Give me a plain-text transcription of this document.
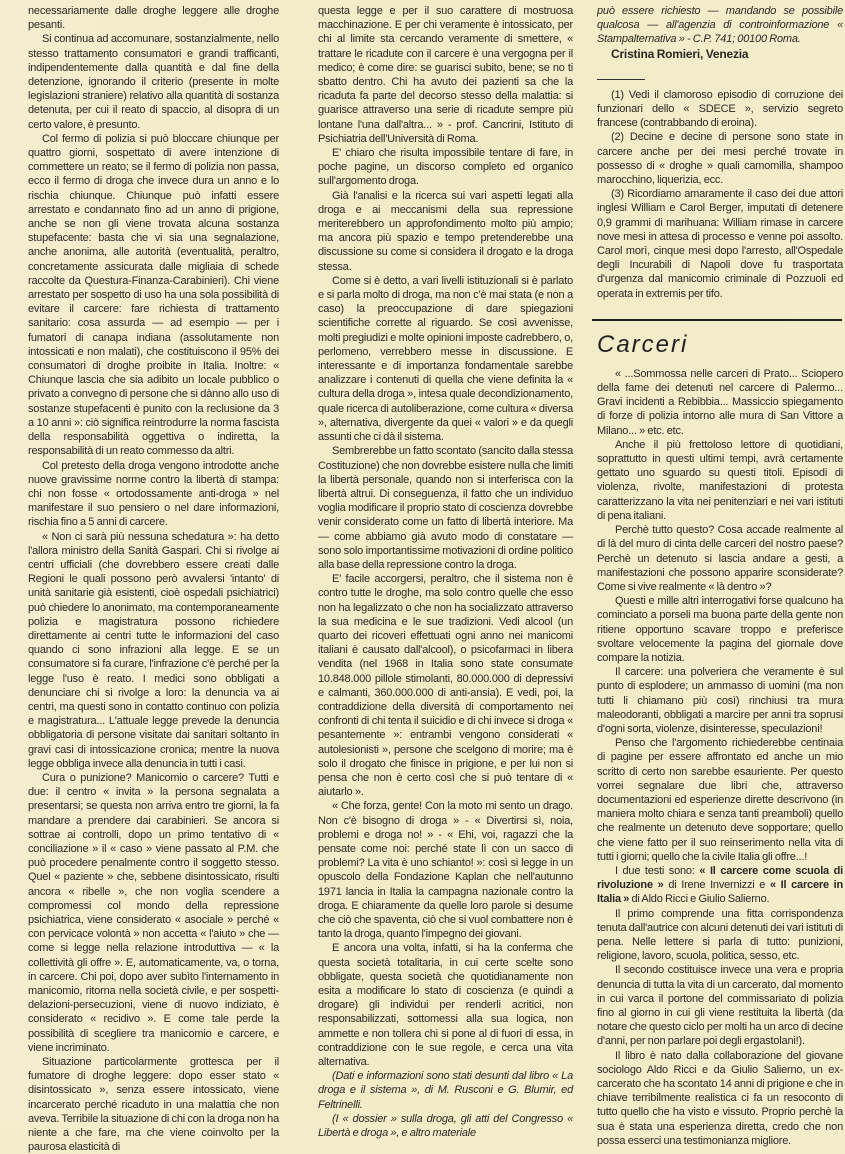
necessariamente dalle droghe leggere alle droghe pesanti.

Si continua ad accomunare, sostanzialmente, nello stesso trattamento consumatori e grandi trafficanti, indipendentemente dalla quantità e dal fine della detenzione, ignorando il criterio (presente in molte legislazioni straniere) relativo alla quantità di sostanza detenuta, per cui il reato di spaccio, al disopra di un certo valore, è presunto.

Col fermo di polizia si può bloccare chiunque per quattro giorni, sospettato di avere intenzione di commettere un reato; se il fermo di polizia non passa, ecco il fermo di droga che invece dura un anno e lo rischia chiunque. Chiunque può infatti essere arrestato e condannato fino ad un anno di prigione, anche se non gli viene trovata alcuna sostanza stupefacente: basta che vi sia una segnalazione, anche anonima, alle autorità (eventualità, peraltro, concretamente assicurata dalle migliaia di schede raccolte da Questura-Finanza-Carabinieri). Chi viene arrestato per sospetto di uso ha una sola possibilità di evitare il carcere: fare richiesta di trattamento sanitario: cosa assurda — ad esempio — per i fumatori di canapa indiana (assolutamente non intossicati e non malati), che costituiscono il 95% dei consumatori di droghe proibite in Italia. Inoltre: « Chiunque lascia che sia adibito un locale pubblico o privato a convegno di persone che si dànno allo uso di sostanze stupefacenti è punito con la reclusione da 3 a 10 anni »: ciò significa reintrodurre la norma fascista della responsabilità oggettiva o indiretta, la responsabilità di un reato commesso da altri.

Col pretesto della droga vengono introdotte anche nuove gravissime norme contro la libertà di stampa: chi non fosse « ortodossamente anti-droga » nel manifestare il suo pensiero o nel dare informazioni, rischia fino a 5 anni di carcere.

« Non ci sarà più nessuna schedatura »: ha detto l'allora ministro della Sanità Gaspari. Chi si rivolge ai centri ufficiali (che dovrebbero essere creati dalle Regioni le quali possono però avvalersi 'intanto' di unità sanitarie già esistenti, cioè ospedali psichiatrici) può chiedere lo anonimato, ma contemporaneamente polizia e magistratura possono richiedere direttamente ai centri tutte le informazioni del caso quando ci sono infrazioni alla legge. E se un consumatore si fa curare, l'infrazione c'è perché per la legge l'uso è reato. I medici sono obbligati a denunciare chi si rivolge a loro: la denuncia va ai centri, ma questi sono in contatto continuo con polizia e magistratura... L'attuale legge prevede la denuncia obbligatoria di persone visitate dai sanitari soltanto in gravi casi di intossicazione cronica; mentre la nuova legge obbliga invece alla denuncia in tutti i casi.

Cura o punizione? Manicomio o carcere? Tutti e due: il centro « invita » la persona segnalata a presentarsi; se questa non arriva entro tre giorni, la fa mandare a prendere dai carabinieri. Se ancora si sottrae ai controlli, dopo un primo tentativo di « conciliazione » il « caso » viene passato al P.M. che può procedere penalmente contro il soggetto stesso. Quel « paziente » che, sebbene disintossicato, risulti ancora « ribelle », che non voglia scendere a compromessi col mondo della repressione psichiatrica, viene considerato « asociale » perché « con pervicace volontà » non accetta « l'aiuto » che — come si legge nella relazione introduttiva — « la collettività gli offre ». E, automaticamente, va, o torna, in carcere. Chi poi, dopo aver subìto l'internamento in manicomio, ritorna nella società civile, e per sospetti-delazioni-persecuzioni, viene di nuovo indiziato, è considerato « recidivo ». E come tale perde la possibilità di scegliere tra manicomio e carcere, e viene incriminato.

Situazione particolarmente grottesca per il fumatore di droghe leggere: dopo esser stato « disintossicato », senza essere intossicato, viene incarcerato perché ricaduto in una malattia che non aveva. Terribile la situazione di chi con la droga non ha niente a che fare, ma che viene coinvolto per la paurosa elasticità di

questa legge e per il suo carattere di mostruosa macchinazione. E per chi veramente è intossicato, per chi al limite sta cercando veramente di smettere, « trattare le ricadute con il carcere è una vergogna per il medico; è come dire: se guarisci subito, bene; se no ti sbatto dentro. Chi ha avuto dei pazienti sa che la ricaduta fa parte del decorso stesso della malattia: si guarisce attraverso una serie di ricadute sempre più lontane l'una dall'altra... » - prof. Cancrini, Istituto di Psichiatria dell'Università di Roma.

E' chiaro che risulta impossibile tentare di fare, in poche pagine, un discorso completo ed organico sull'argomento droga.

Già l'analisi e la ricerca sui vari aspetti legati alla droga e ai meccanismi della sua repressione meriterebbero un approfondimento molto più ampio; ma ancora più spazio e tempo pretenderebbe una discussione su come si considera il drogato e la droga stessa.

Come si è detto, a vari livelli istituzionali si è parlato e si parla molto di droga, ma non c'è mai stata (e non a caso) la preoccupazione di dare spiegazioni scientifiche corrette al riguardo. Se così avvenisse, molti pregiudizi e molte opinioni imposte cadrebbero, o, perlomeno, verrebbero messe in discussione. E interessante e di importanza fondamentale sarebbe analizzare i contenuti di quella che viene definita la « cultura della droga », intesa quale decondizionamento, quale ricerca di autoliberazione, come cultura « diversa », alternativa, divergente da quei « valori » e da quegli assunti che ci dà il sistema.

Sembrerebbe un fatto scontato (sancito dalla stessa Costituzione) che non dovrebbe esistere nulla che limiti la libertà personale, quando non si interferisca con la libertà altrui. Di conseguenza, il fatto che un individuo voglia modificare il proprio stato di coscienza dovrebbe venir considerato come un fatto di libertà interiore. Ma — come abbiamo già avuto modo di constatare — sono solo importantissime motivazioni di ordine politico alla base della repressione contro la droga.

E' facile accorgersi, peraltro, che il sistema non è contro tutte le droghe, ma solo contro quelle che esso non ha legalizzato o che non ha socializzato attraverso la sua medicina e le sue tradizioni. Vedi alcool (un quarto dei ricoveri effettuati ogni anno nei manicomi italiani è causato dall'alcool), o psicofarmaci in libera vendita (nel 1968 in Italia sono state consumate 10.848.000 pillole stimolanti, 80.000.000 di depressivi e calmanti, 360.000.000 di anti-ansia). E vedi, poi, la contraddizione della diversità di comportamento nei confronti di chi tenta il suicidio e di chi invece si droga « pesantemente »: entrambi vengono considerati « autolesionisti », persone che scelgono di morire; ma è solo il drogato che finisce in prigione, e per lui non si pensa che non è certo così che si può tentare di « aiutarlo ».

« Che forza, gente! Con la moto mi sento un drago. Non c'è bisogno di droga » - « Divertirsi sì, noia, problemi e droga no! » - « Ehi, voi, ragazzi che la pensate come noi: perché state lì con un sacco di problemi? La vita è uno schianto! »: così si legge in un opuscolo della Fondazione Kaplan che nell'autunno 1971 lancia in Italia la campagna nazionale contro la droga. E chiaramente da quelle loro parole si desume che ciò che spaventa, ciò che si vuol combattere non è tanto la droga, quanto l'impegno dei giovani.

E ancora una volta, infatti, si ha la conferma che questa società totalitaria, in cui certe scelte sono obbligate, questa società che quotidianamente non esita a modificare lo stato di coscienza (e quindi a drogare) gli individui per renderli acritici, non responsabilizzati, sottomessi alla sua logica, non ammette e non tollera chi si pone al di fuori di essa, in contraddizione con le sue regole, e cerca una vita alternativa.

(Dati e informazioni sono stati desunti dal libro « La droga e il sistema », di M. Rusconi e G. Blumir, ed Feltrinelli.

(I « dossier » sulla droga, gli atti del Congresso « Libertà e droga », e altro materiale

può essere richiesto — mandando se possibile qualcosa — all'agenzia di controinformazione « Stampalternativa » - C.P. 741; 00100 Roma.

Cristina Romieri, Venezia

(1) Vedi il clamoroso episodio di corruzione dei funzionari dello « SDECE », servizio segreto francese (contrabbando di eroina).

(2) Decine e decine di persone sono state in carcere anche per dei mesi perché trovate in possesso di « droghe » quali camomilla, shampoo marocchino, liquerizia, ecc.

(3) Ricordiamo amaramente il caso dei due attori inglesi William e Carol Berger, imputati di detenere 0,9 grammi di marihuana: William rimase in carcere nove mesi in attesa di processo e venne poi assolto. Carol morì, cinque mesi dopo l'arresto, all'Ospedale degli Incurabili di Napoli dove fu trasportata d'urgenza dal manicomio criminale di Pozzuoli ed operata in extremis per tifo.

Carceri

« ...Sommossa nelle carceri di Prato... Sciopero della fame dei detenuti nel carcere di Palermo... Gravi incidenti a Rebibbia... Massiccio spiegamento di forze di polizia intorno alle mura di San Vittore a Milano... » etc. etc.

Anche il più frettoloso lettore di quotidiani, soprattutto in questi ultimi tempi, avrà certamente gettato uno sguardo su questi titoli. Episodi di violenza, rivolte, manifestazioni di protesta caratterizzano la vita nei penitenziari e nei vari istituti di pena italiani.

Perchè tutto questo? Cosa accade realmente al di là del muro di cinta delle carceri del nostro paese? Perchè un detenuto si lascia andare a gesti, a manifestazioni che possono apparire sconsiderate? Come si vive realmente « là dentro »?

Questi e mille altri interrogativi forse qualcuno ha cominciato a porseli ma buona parte della gente non ritiene opportuno scavare troppo e preferisce svoltare velocemente la pagina del giornale dove compare la notizia.

Il carcere: una polveriera che veramente è sul punto di esplodere; un ammasso di uomini (ma non tutti li chiamano più così) rinchiusi tra mura maleodoranti, obbligati a marcire per anni tra soprusi d'ogni sorta, violenze, disinteresse, speculazioni!

Penso che l'argomento richiederebbe centinaia di pagine per essere affrontato ed anche un mio scritto di certo non sarebbe esauriente. Per questo vorrei segnalare due libri che, attraverso documentazioni ed esperienze dirette descrivono (in maniera molto chiara e senza tanti preamboli) quello che realmente un detenuto deve sopportare; quello che viene fatto per il suo reinserimento nella vita di tutti i giorni; quello che la civile Italia gli offre...!

I due testi sono: « Il carcere come scuola di rivoluzione » di Irene Invernizzi e « Il carcere in Italia » di Aldo Ricci e Giulio Salierno.

Il primo comprende una fitta corrispondenza tenuta dall'autrice con alcuni detenuti dei vari istituti di pena. Nelle lettere si parla di tutto: punizioni, religione, lavoro, scuola, politica, sesso, etc.

Il secondo costituisce invece una vera e propria denuncia di tutta la vita di un carcerato, dal momento in cui varca il portone del commissariato di polizia fino al giorno in cui gli viene restituita la libertà (da notare che questo ciclo per molti ha un arco di decine d'anni, per non parlare poi degli ergastolani!).

Il libro è nato dalla collaborazione del giovane sociologo Aldo Ricci e da Giulio Salierno, un ex-carcerato che ha scontato 14 anni di prigione e che in chiave terribilmente realistica ci fa un resoconto di tutto quello che ha visto e vissuto. Proprio perchè la sua è stata una esperienza diretta, credo che non possa esserci una testimonianza migliore.
